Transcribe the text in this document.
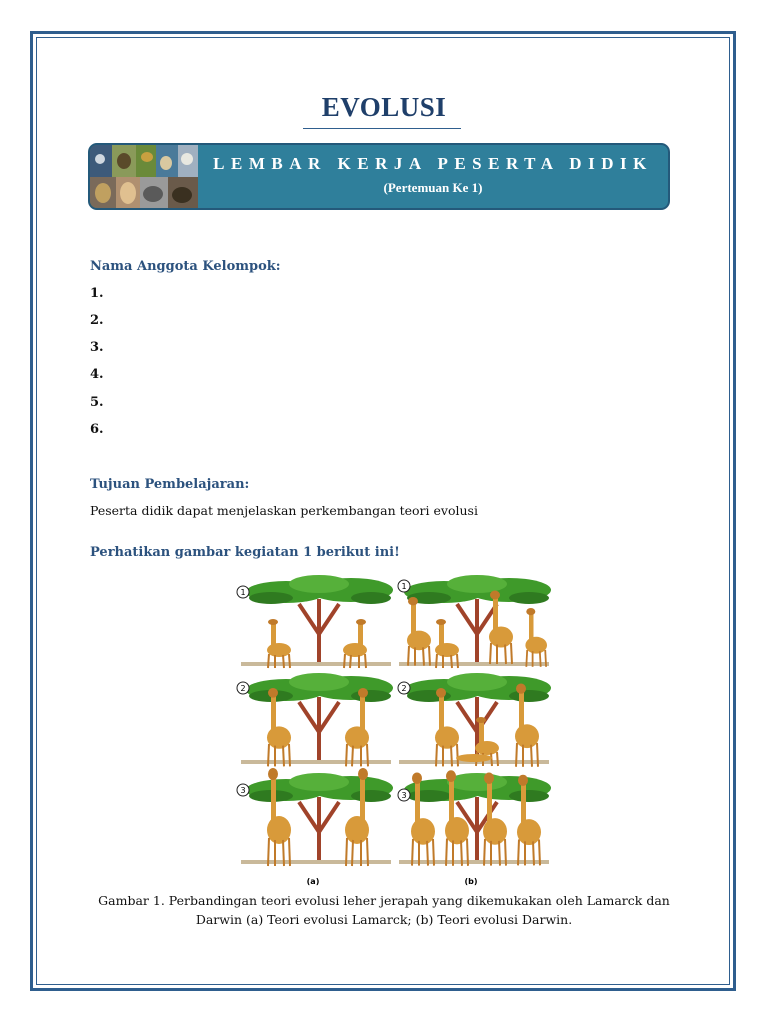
EVOLUSI
LEMBAR KERJA PESERTA DIDIK
(Pertemuan Ke 1)
Nama Anggota Kelompok:
1.
2.
3.
4.
5.
6.
Tujuan Pembelajaran:
Peserta didik dapat menjelaskan perkembangan teori evolusi
Perhatikan gambar kegiatan 1 berikut ini!
1
2
3
1
2
3
(a)	(b)
Gambar 1. Perbandingan teori evolusi leher jerapah yang dikemukakan oleh Lamarck dan
Darwin (a) Teori evolusi Lamarck; (b) Teori evolusi Darwin.
